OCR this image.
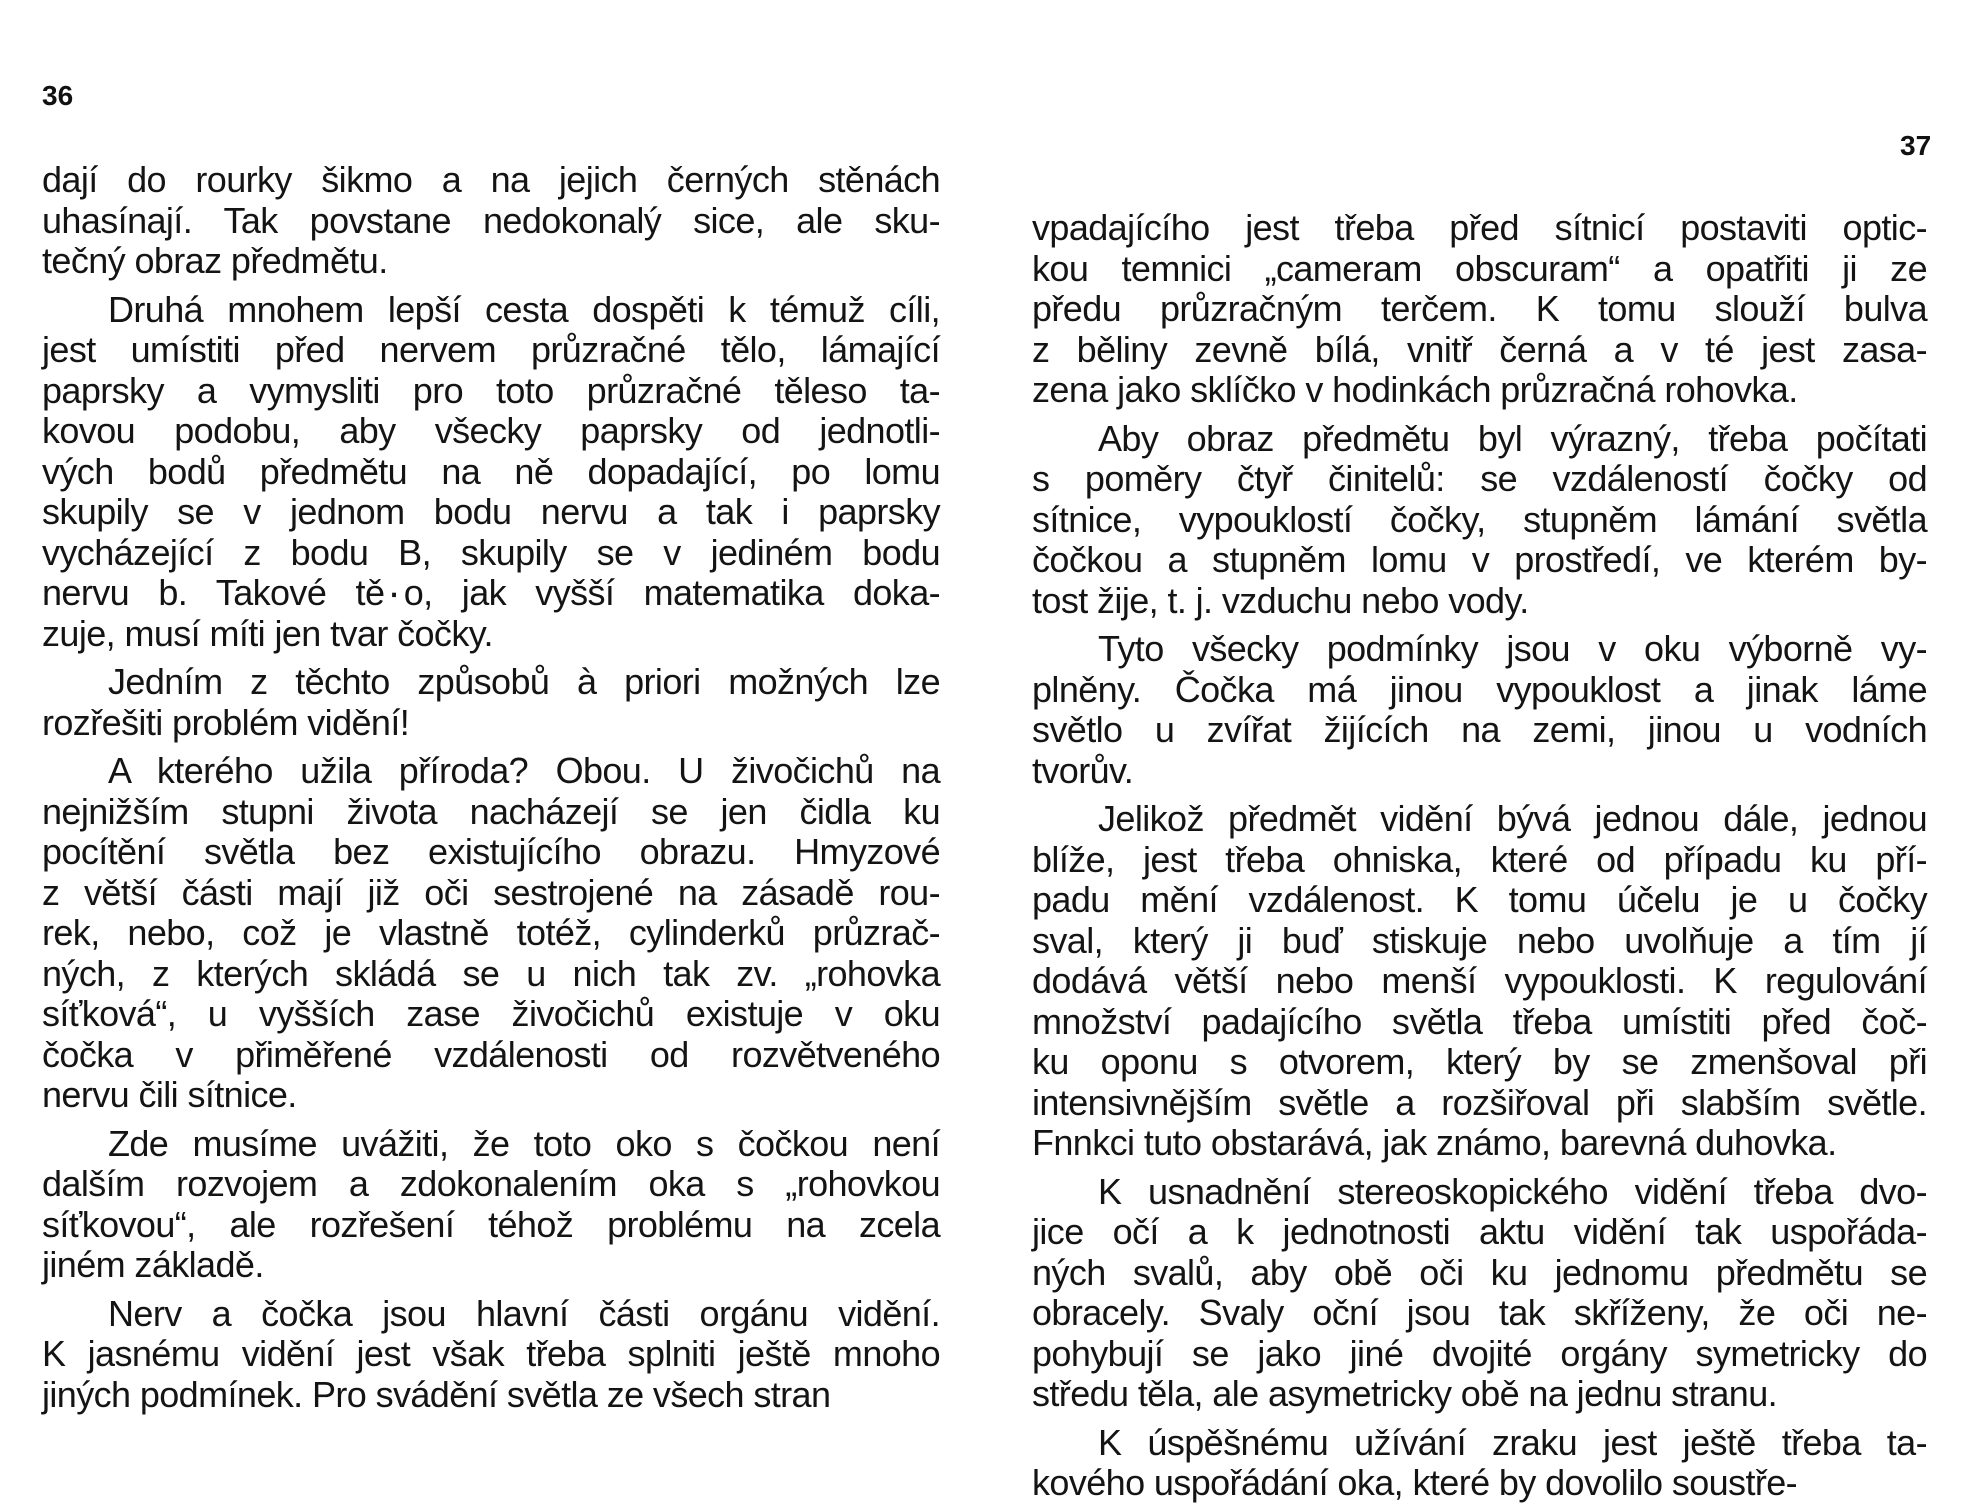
36
37
dají do rourky šikmo a na jejich černých stěnách
uhasínají. Tak povstane nedokonalý sice, ale sku-
tečný obraz předmětu.
Druhá mnohem lepší cesta dospěti k témuž cíli,
jest umístiti před nervem průzračné tělo, lámající
paprsky a vymysliti pro toto průzračné těleso ta-
kovou podobu, aby všecky paprsky od jednotli-
vých bodů předmětu na ně dopadající, po lomu
skupily se v jednom bodu nervu a tak i paprsky
vycházející z bodu B, skupily se v jediném bodu
nervu b. Takové tě۰o, jak vyšší matematika doka-
zuje, musí míti jen tvar čočky.
Jedním z těchto způsobů à priori možných lze
rozřešiti problém vidění!
A kterého užila příroda? Obou. U živočichů na
nejnižším stupni života nacházejí se jen čidla ku
pocítění světla bez existujícího obrazu. Hmyzové
z větší části mají již oči sestrojené na zásadě rou-
rek, nebo, což je vlastně totéž, cylinderků průzrač-
ných, z kterých skládá se u nich tak zv. „rohovka
síťková“, u vyšších zase živočichů existuje v oku
čočka v přiměřené vzdálenosti od rozvětveného
nervu čili sítnice.
Zde musíme uvážiti, že toto oko s čočkou není
dalším rozvojem a zdokonalením oka s „rohovkou
síťkovou“, ale rozřešení téhož problému na zcela
jiném základě.
Nerv a čočka jsou hlavní části orgánu vidění.
K jasnému vidění jest však třeba splniti ještě mnoho
jiných podmínek. Pro svádění světla ze všech stran
vpadajícího jest třeba před sítnicí postaviti optic-
kou temnici „cameram obscuram“ a opatřiti ji ze
předu průzračným terčem. K tomu slouží bulva
z běliny zevně bílá, vnitř černá a v té jest zasa-
zena jako sklíčko v hodinkách průzračná rohovka.
Aby obraz předmětu byl výrazný, třeba počítati
s poměry čtyř činitelů: se vzdáleností čočky od
sítnice, vypouklostí čočky, stupněm lámání světla
čočkou a stupněm lomu v prostředí, ve kterém by-
tost žije, t. j. vzduchu nebo vody.
Tyto všecky podmínky jsou v oku výborně vy-
plněny. Čočka má jinou vypouklost a jinak láme
světlo u zvířat žijících na zemi, jinou u vodních
tvorův.
Jelikož předmět vidění bývá jednou dále, jednou
blíže, jest třeba ohniska, které od případu ku pří-
padu mění vzdálenost. K tomu účelu je u čočky
sval, který ji buď stiskuje nebo uvolňuje a tím jí
dodává větší nebo menší vypouklosti. K regulování
množství padajícího světla třeba umístiti před čoč-
ku oponu s otvorem, který by se zmenšoval při
intensivnějším světle a rozšiřoval při slabším světle.
Fnnkci tuto obstarává, jak známo, barevná duhovka.
K usnadnění stereoskopického vidění třeba dvo-
jice očí a k jednotnosti aktu vidění tak uspořáda-
ných svalů, aby obě oči ku jednomu předmětu se
obracely. Svaly oční jsou tak skříženy, že oči ne-
pohybují se jako jiné dvojité orgány symetricky do
středu těla, ale asymetricky obě na jednu stranu.
K úspěšnému užívání zraku jest ještě třeba ta-
kového uspořádání oka, které by dovolilo soustře-
